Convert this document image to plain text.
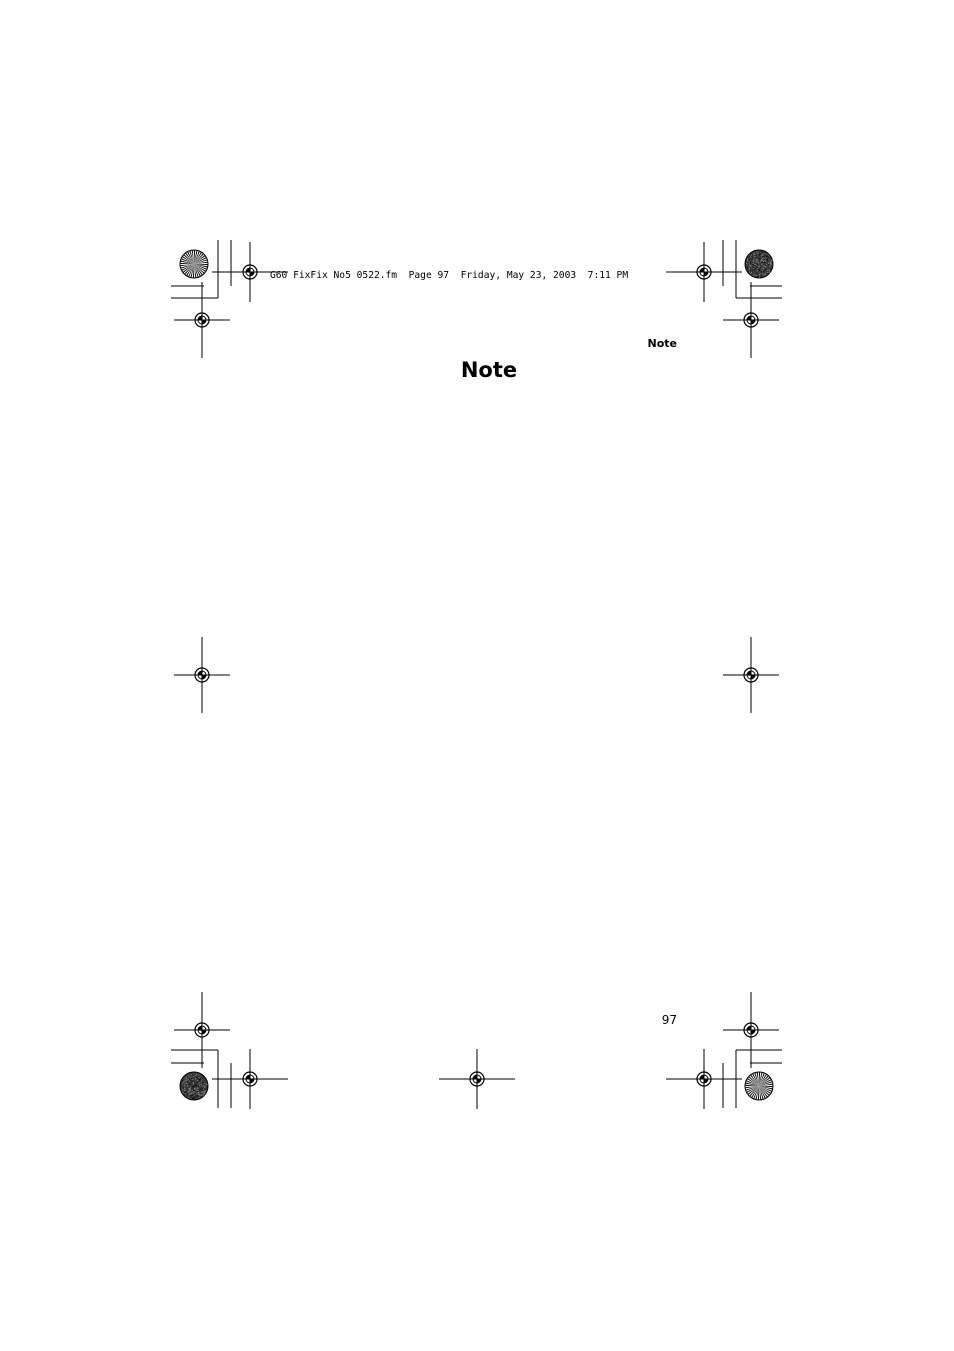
G60 FixFix No5 0522.fm  Page 97  Friday, May 23, 2003  7:11 PM
Note
Note
97
